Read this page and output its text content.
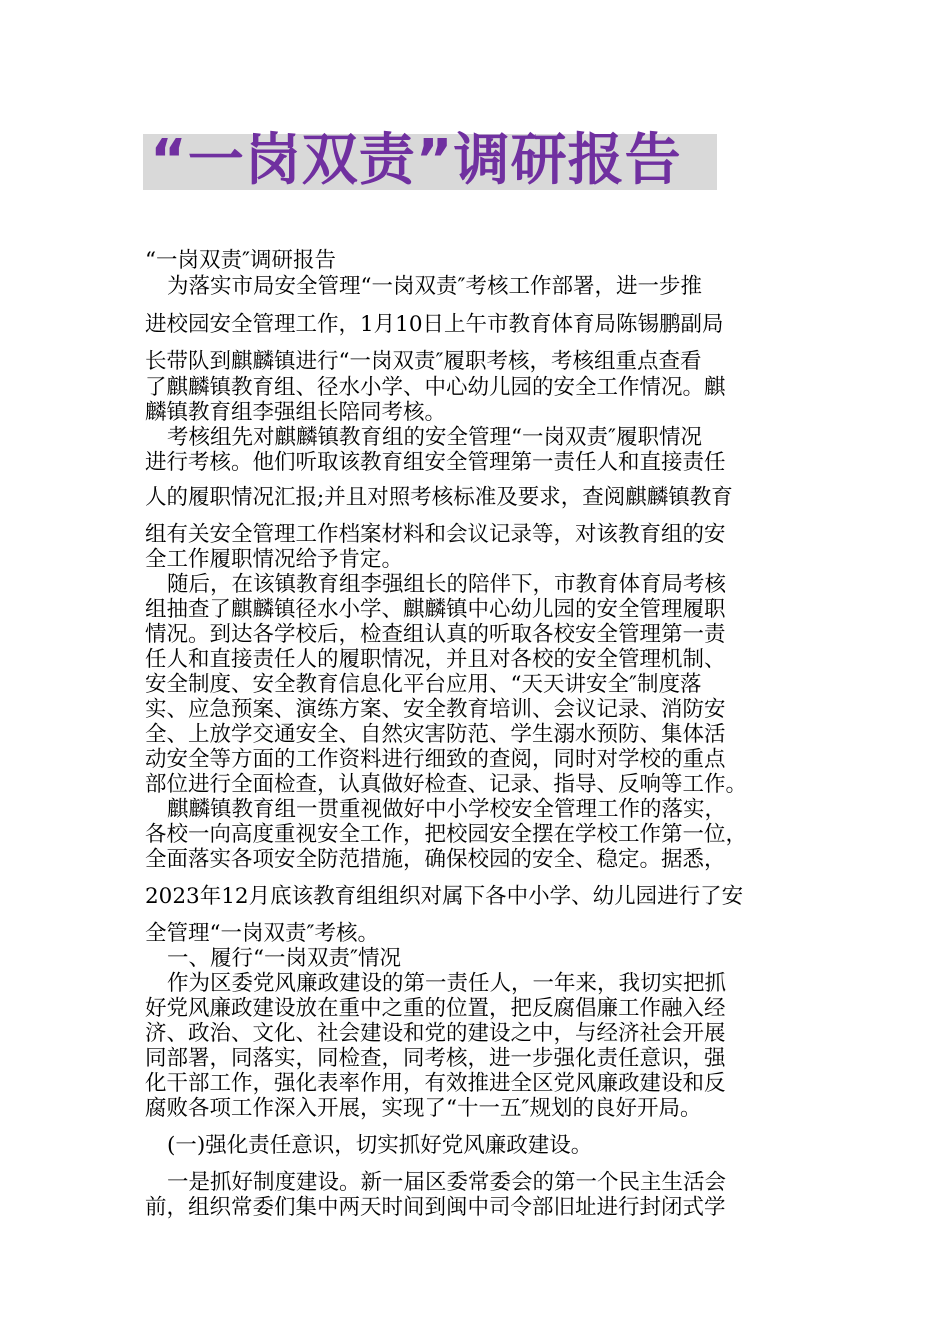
“一岗双责”调研报告
“一岗双责″调研报告
为落实市局安全管理“一岗双责″考核工作部署，进一步推
进校园安全管理工作，1月10日上午市教育体育局陈锡鹏副局
长带队到麒麟镇进行“一岗双责″履职考核，考核组重点查看
了麒麟镇教育组、径水小学、中心幼儿园的安全工作情况。麒
麟镇教育组李强组长陪同考核。
考核组先对麒麟镇教育组的安全管理“一岗双责″履职情况
进行考核。他们听取该教育组安全管理第一责任人和直接责任
人的履职情况汇报;并且对照考核标准及要求，查阅麒麟镇教育
组有关安全管理工作档案材料和会议记录等，对该教育组的安
全工作履职情况给予肯定。
随后，在该镇教育组李强组长的陪伴下，市教育体育局考核
组抽查了麒麟镇径水小学、麒麟镇中心幼儿园的安全管理履职
情况。到达各学校后，检查组认真的听取各校安全管理第一责
任人和直接责任人的履职情况，并且对各校的安全管理机制、
安全制度、安全教育信息化平台应用、“天天讲安全″制度落
实、应急预案、演练方案、安全教育培训、会议记录、消防安
全、上放学交通安全、自然灾害防范、学生溺水预防、集体活
动安全等方面的工作资料进行细致的查阅，同时对学校的重点
部位进行全面检查，认真做好检查、记录、指导、反响等工作。
麒麟镇教育组一贯重视做好中小学校安全管理工作的落实，
各校一向高度重视安全工作，把校园安全摆在学校工作第一位，
全面落实各项安全防范措施，确保校园的安全、稳定。据悉，
2023年12月底该教育组组织对属下各中小学、幼儿园进行了安
全管理“一岗双责″考核。
一、履行“一岗双责″情况
作为区委党风廉政建设的第一责任人，一年来，我切实把抓
好党风廉政建设放在重中之重的位置，把反腐倡廉工作融入经
济、政治、文化、社会建设和党的建设之中，与经济社会开展
同部署，同落实，同检查，同考核，进一步强化责任意识，强
化干部工作，强化表率作用，有效推进全区党风廉政建设和反
腐败各项工作深入开展，实现了“十一五″规划的良好开局。
(一)强化责任意识，切实抓好党风廉政建设。
一是抓好制度建设。新一届区委常委会的第一个民主生活会
前，组织常委们集中两天时间到闽中司令部旧址进行封闭式学
